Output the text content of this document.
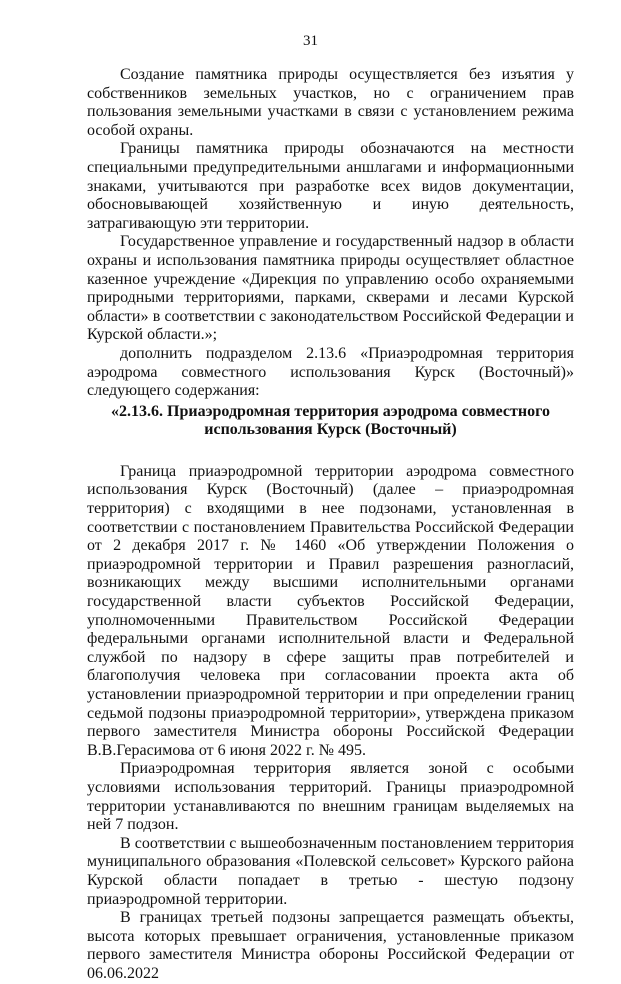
31

Создание памятника природы осуществляется без изъятия у собственников земельных участков, но с ограничением прав пользования земельными участками в связи с установлением режима особой охраны.

Границы памятника природы обозначаются на местности специальными предупредительными аншлагами и информационными знаками, учитываются при разработке всех видов документации, обосновывающей хозяйственную и иную деятельность, затрагивающую эти территории.

Государственное управление и государственный надзор в области охраны и использования памятника природы осуществляет областное казенное учреждение «Дирекция по управлению особо охраняемыми природными территориями, парками, скверами и лесами Курской области» в соответствии с законодательством Российской Федерации и Курской области.»;

дополнить подразделом 2.13.6 «Приаэродромная территория аэродрома совместного использования Курск (Восточный)» следующего содержания:

«2.13.6. Приаэродромная территория аэродрома совместного использования Курск (Восточный)

Граница приаэродромной территории аэродрома совместного использования Курск (Восточный) (далее – приаэродромная территория) с входящими в нее подзонами, установленная в соответствии с постановлением Правительства Российской Федерации от 2 декабря 2017 г. № 1460 «Об утверждении Положения о приаэродромной территории и Правил разрешения разногласий, возникающих между высшими исполнительными органами государственной власти субъектов Российской Федерации, уполномоченными Правительством Российской Федерации федеральными органами исполнительной власти и Федеральной службой по надзору в сфере защиты прав потребителей и благополучия человека при согласовании проекта акта об установлении приаэродромной территории и при определении границ седьмой подзоны приаэродромной территории», утверждена приказом первого заместителя Министра обороны Российской Федерации В.В.Герасимова от 6 июня 2022 г. № 495.

Приаэродромная территория является зоной с особыми условиями использования территорий. Границы приаэродромной территории устанавливаются по внешним границам выделяемых на ней 7 подзон.

В соответствии с вышеобозначенным постановлением территория муниципального образования «Полевской сельсовет» Курского района Курской области попадает в третью - шестую подзону приаэродромной территории.

В границах третьей подзоны запрещается размещать объекты, высота которых превышает ограничения, установленные приказом первого заместителя Министра обороны Российской Федерации от 06.06.2022
